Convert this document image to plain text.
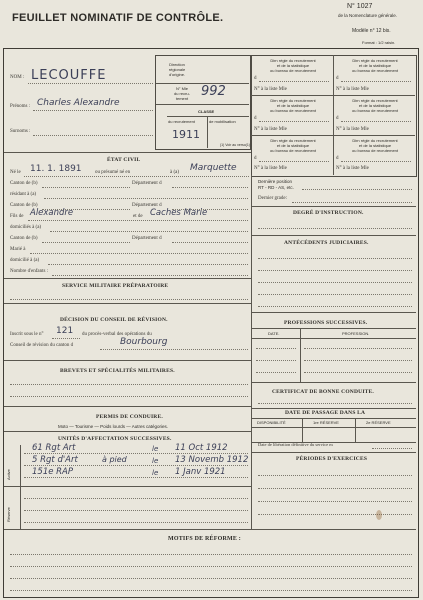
FEUILLET NOMINATIF DE CONTRÔLE.
N° 1027
de la Nomenclature générale.
Modèle n° 12 bis.
Format : 1/2 raisin.
NOM : LECOUFFE
Prénoms : Charles Alexandre
Surnoms :
Direction
régionale
d'origine.
N° Mle
du recru-
tement 992
CLASSE
du recrutement	de mobilisation
1911
(1) Voir au verso(1)
Dirn régle du recrutement
et de la statistique
ou bureau de recrutement
d
N° à la liste Mle
Dirn régle du recrutement
et de la statistique
ou bureau de recrutement
d
N° à la liste Mle
Dirn régle du recrutement
et de la statistique
ou bureau de recrutement
d
N° à la liste Mle
Dirn régle du recrutement
et de la statistique
ou bureau de recrutement
d
N° à la liste Mle
Dirn régle du recrutement
et de la statistique
ou bureau de recrutement
d
N° à la liste Mle
Dirn régle du recrutement
et de la statistique
ou bureau de recrutement
d
N° à la liste Mle
ÉTAT CIVIL
Né le 11. 1. 1891	ou présumé né en	à (a) Marquette
Canton de (b)	Département d
résidant à (a)
Canton de (b)	Département d
Fils de Alexandre	et de Caches Marie
domiciliés à (a)
Canton de (b)	Département d
Marié à
domicilié à (a)
Nombre d'enfants :
Dernière position
RT - RD - AS, etc.
Dernier grade:
DEGRÉ D'INSTRUCTION.
ANTÉCÉDENTS JUDICIAIRES.
SERVICE MILITAIRE PRÉPARATOIRE
DÉCISION DU CONSEIL DE RÉVISION.
Inscrit sous le n° 121 du procès-verbal des opérations du
Conseil de révision du canton d	Bourbourg
PROFESSIONS SUCCESSIVES.
DATE.	PROFESSION.
BREVETS ET SPÉCIALITÉS MILITAIRES.
CERTIFICAT DE BONNE CONDUITE.
DATE DE PASSAGE DANS LA
DISPONIBILITÉ	1re RÉSERVE	2e RÉSERVE
PERMIS DE CONDUIRE.
Moto — Tourisme — Poids lourds — Autres catégories.
Date de libération définitive du service m
PÉRIODES D'EXERCICES
UNITÉS D'AFFECTATION SUCCESSIVES.
Active
Réserve
61 Rgt Art	le 11 Oct 1912
5 Rgt d'Art	à pied	le 13 Novemb 1912
151e RAP	le 1 Janv 1921
MOTIFS DE RÉFORME :
